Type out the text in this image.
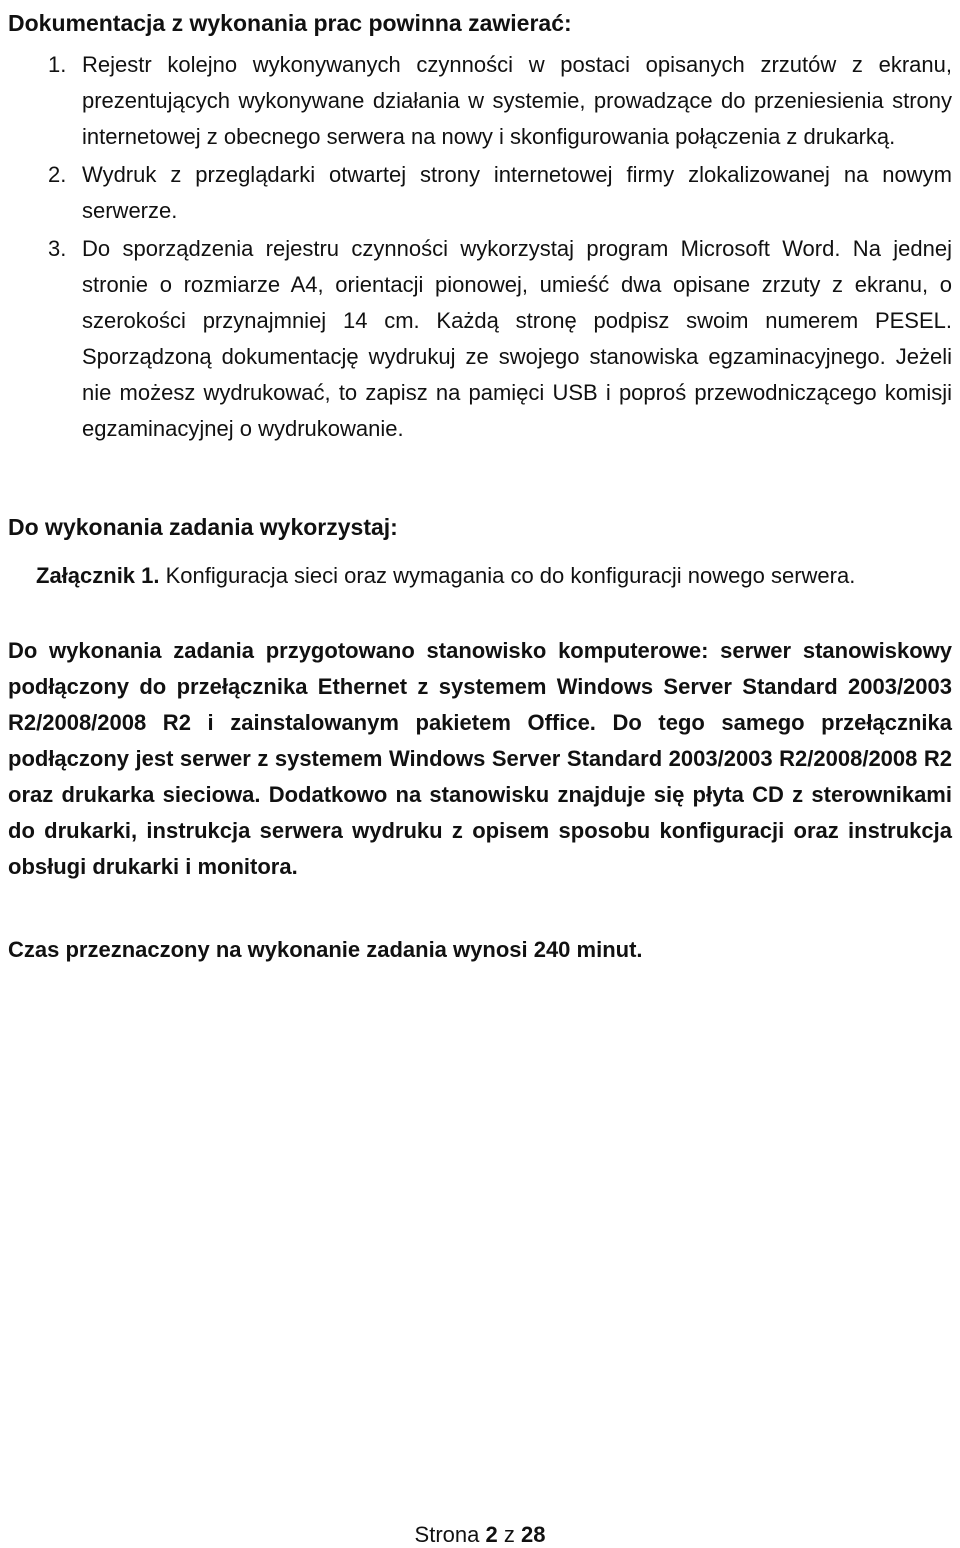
Dokumentacja z wykonania prac powinna zawierać:
1. Rejestr kolejno wykonywanych czynności w postaci opisanych zrzutów z ekranu, prezentujących wykonywane działania w systemie, prowadzące do przeniesienia strony internetowej z obecnego serwera na nowy i skonfigurowania połączenia z drukarką.
2. Wydruk z przeglądarki otwartej strony internetowej firmy zlokalizowanej na nowym serwerze.
3. Do sporządzenia rejestru czynności wykorzystaj program Microsoft Word. Na jednej stronie o rozmiarze A4, orientacji pionowej, umieść dwa opisane zrzuty z ekranu, o szerokości przynajmniej 14 cm. Każdą stronę podpisz swoim numerem PESEL. Sporządzoną dokumentację wydrukuj ze swojego stanowiska egzaminacyjnego. Jeżeli nie możesz wydrukować, to zapisz na pamięci USB i poproś przewodniczącego komisji egzaminacyjnej o wydrukowanie.
Do wykonania zadania wykorzystaj:
Załącznik 1. Konfiguracja sieci oraz wymagania co do konfiguracji nowego serwera.
Do wykonania zadania przygotowano stanowisko komputerowe: serwer stanowiskowy podłączony do przełącznika Ethernet z systemem Windows Server Standard 2003/2003 R2/2008/2008 R2 i zainstalowanym pakietem Office. Do tego samego przełącznika podłączony jest serwer z systemem Windows Server Standard 2003/2003 R2/2008/2008 R2 oraz drukarka sieciowa. Dodatkowo na stanowisku znajduje się płyta CD z sterownikami do drukarki, instrukcja serwera wydruku z opisem sposobu konfiguracji oraz instrukcja obsługi drukarki i monitora.
Czas przeznaczony na wykonanie zadania wynosi 240 minut.
Strona 2 z 28
